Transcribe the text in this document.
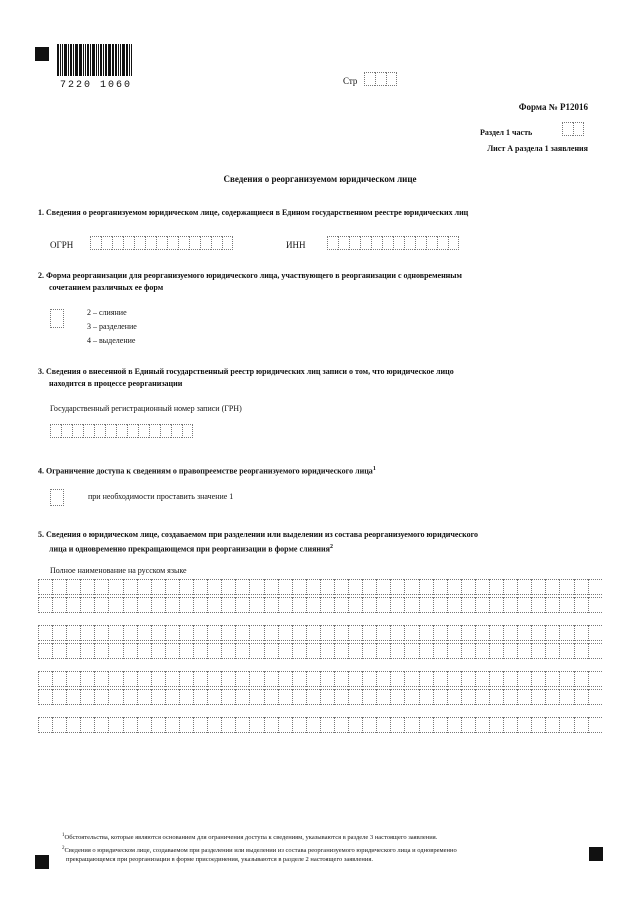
7220 1060	Стр
Форма № Р12016
Раздел 1 часть
Лист А раздела 1 заявления
Сведения о реорганизуемом юридическом лице
1. Сведения о реорганизуемом юридическом лице, содержащиеся в Едином государственном реестре юридических лиц
ОГРН	ИНН
2. Форма реорганизации для реорганизуемого юридического лица, участвующего в реорганизации с одновременным
сочетанием различных ее форм
2 – слияние
3 – разделение
4 – выделение
3. Сведения о внесенной в Единый государственный реестр юридических лиц записи о том, что юридическое лицо
находится в процессе реорганизации
Государственный регистрационный номер записи (ГРН)
4. Ограничение доступа к сведениям о правопреемстве реорганизуемого юридического лица$^1$
при необходимости проставить значение 1
5. Сведения о юридическом лице, создаваемом при разделении или выделении из состава реорганизуемого юридического
лица и одновременно прекращающемся при реорганизации в форме слияния$^2$
Полное наименование на русском языке
$^1$Обстоятельства, которые являются основанием для ограничения доступа к сведениям, указываются в разделе 3 настоящего заявления.
$^2$Сведения о юридическом лице, создаваемом при разделении или выделении из состава реорганизуемого юридического лица и одновременно
прекращающемся при реорганизации в форме присоединения, указываются в разделе 2 настоящего заявления.
